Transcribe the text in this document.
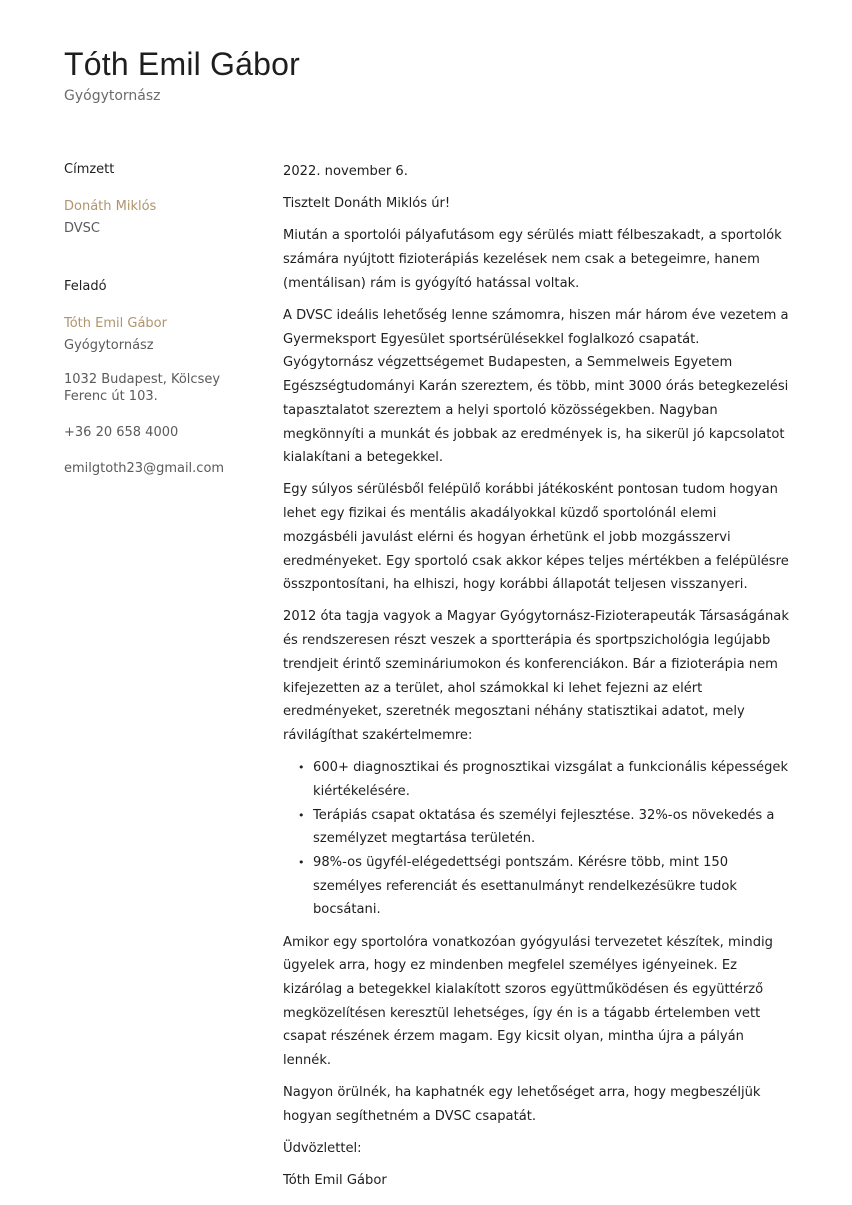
Tóth Emil Gábor
Gyógytornász
Címzett
Donáth Miklós
DVSC
Feladó
Tóth Emil Gábor
Gyógytornász
1032 Budapest, Kölcsey Ferenc út 103.
+36 20 658 4000
emilgtoth23@gmail.com

2022. november 6.

Tisztelt Donáth Miklós úr!

Miután a sportolói pályafutásom egy sérülés miatt félbeszakadt, a sportolók számára nyújtott fizioterápiás kezelések nem csak a betegeimre, hanem (mentálisan) rám is gyógyító hatással voltak.

A DVSC ideális lehetőség lenne számomra, hiszen már három éve vezetem a Gyermeksport Egyesület sportsérülésekkel foglalkozó csapatát. Gyógytornász végzettségemet Budapesten, a Semmelweis Egyetem Egészségtudományi Karán szereztem, és több, mint 3000 órás betegkezelési tapasztalatot szereztem a helyi sportoló közösségekben. Nagyban megkönnyíti a munkát és jobbak az eredmények is, ha sikerül jó kapcsolatot kialakítani a betegekkel.

Egy súlyos sérülésből felépülő korábbi játékosként pontosan tudom hogyan lehet egy fizikai és mentális akadályokkal küzdő sportolónál elemi mozgásbéli javulást elérni és hogyan érhetünk el jobb mozgásszervi eredményeket. Egy sportoló csak akkor képes teljes mértékben a felépülésre összpontosítani, ha elhiszi, hogy korábbi állapotát teljesen visszanyeri.

2012 óta tagja vagyok a Magyar Gyógytornász-Fizioterapeuták Társaságának és rendszeresen részt veszek a sportterápia és sportpszichológia legújabb trendjeit érintő szemináriumokon és konferenciákon. Bár a fizioterápia nem kifejezetten az a terület, ahol számokkal ki lehet fejezni az elért eredményeket, szeretnék megosztani néhány statisztikai adatot, mely rávilágíthat szakértelmemre:

• 600+ diagnosztikai és prognosztikai vizsgálat a funkcionális képességek kiértékelésére.
• Terápiás csapat oktatása és személyi fejlesztése. 32%-os növekedés a személyzet megtartása területén.
• 98%-os ügyfél-elégedettségi pontszám. Kérésre több, mint 150 személyes referenciát és esettanulmányt rendelkezésükre tudok bocsátani.

Amikor egy sportolóra vonatkozóan gyógyulási tervezetet készítek, mindig ügyelek arra, hogy ez mindenben megfelel személyes igényeinek. Ez kizárólag a betegekkel kialakított szoros együttműködésen és együttérző megközelítésen keresztül lehetséges, így én is a tágabb értelemben vett csapat részének érzem magam. Egy kicsit olyan, mintha újra a pályán lennék.

Nagyon örülnék, ha kaphatnék egy lehetőséget arra, hogy megbeszéljük hogyan segíthetném a DVSC csapatát.

Üdvözlettel:

Tóth Emil Gábor
